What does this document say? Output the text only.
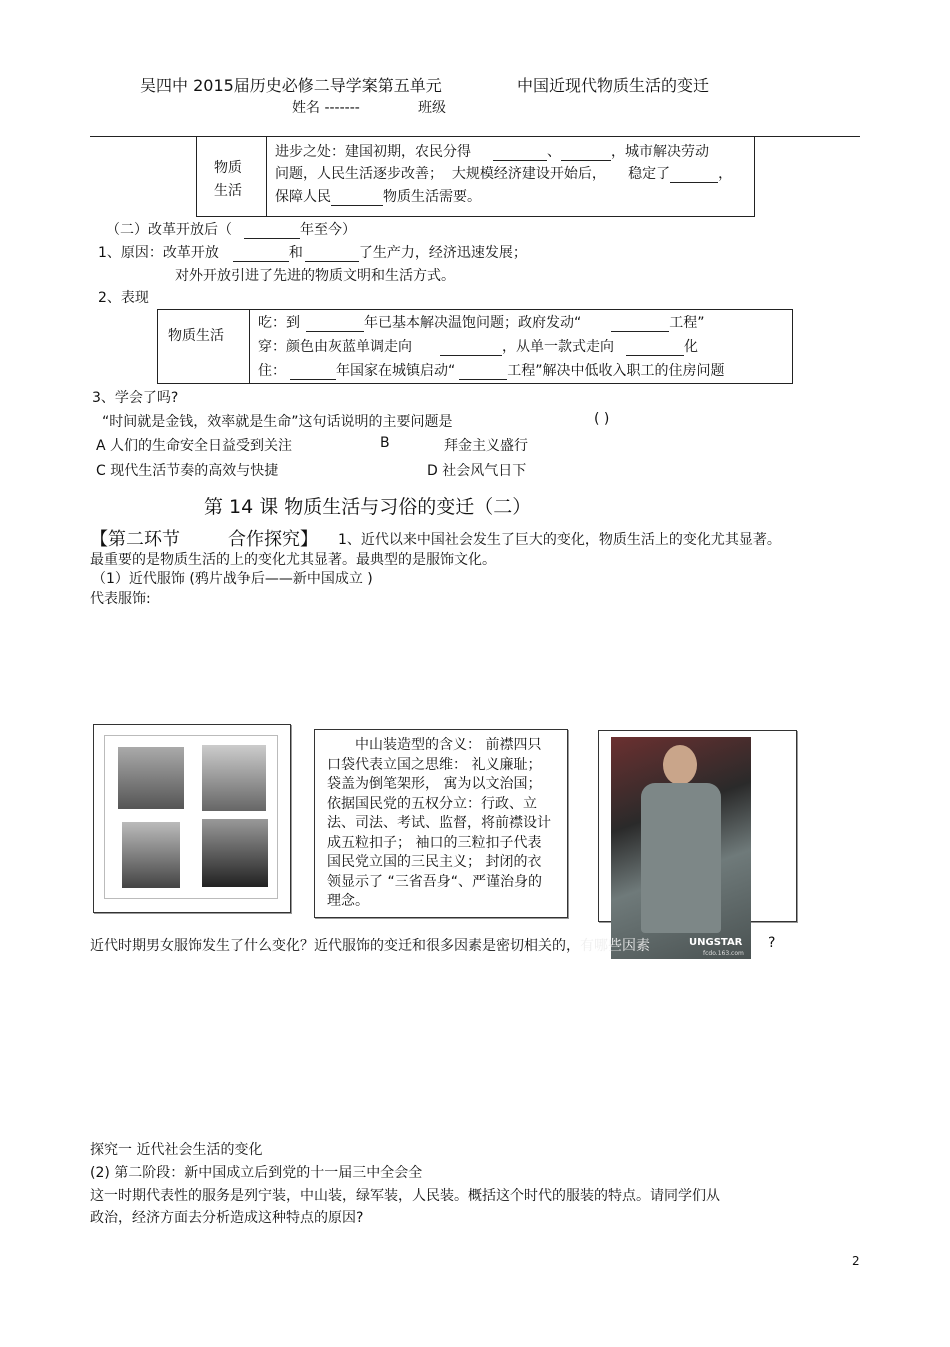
吴四中 2015届历史必修二导学案第五单元	中国近现代物质生活的变迁
姓名 -------	班级
物质
生活
进步之处：建国初期，农民分得	、	，城市解决劳动
问题，人民生活逐步改善； 大规模经济建设开始后， 稳定了	，
保障人民	物质生活需要。
（二）改革开放后（	年至今）
1、原因：改革开放	和	了生产力，经济迅速发展；
对外开放引进了先进的物质文明和生活方式。
2、表现
物质生活
吃：到	年已基本解决温饱问题；政府发动“	工程”
穿：颜色由灰蓝单调走向	，从单一款式走向	化
住：	年国家在城镇启动“	工程”解决中低收入职工的住房问题
3、学会了吗?
“时间就是金钱，效率就是生命”这句话说明的主要问题是	( )
A 人们的生命安全日益受到关注	B	拜金主义盛行
C 现代生活节奏的高效与快捷	D 社会风气日下
第 14 课 物质生活与习俗的变迁（二）
【第二环节	合作探究】 1、近代以来中国社会发生了巨大的变化，物质生活上的变化尤其显著。
最重要的是物质生活的上的变化尤其显著。最典型的是服饰文化。
（1）近代服饰 (鸦片战争后——新中国成立 )
代表服饰:
中山装造型的含义： 前襟四只口袋代表立国之思维： 礼义廉耻；袋盖为倒笔架形， 寓为以文治国；依据国民党的五权分立：行政、立法、司法、考试、监督，将前襟设计成五粒扣子； 袖口的三粒扣子代表国民党立国的三民主义； 封闭的衣领显示了 “三省吾身“、严谨治身的理念。
UNGSTAR
fcdo.163.com
近代时期男女服饰发生了什么变化？近代服饰的变迁和很多因素是密切相关的，有哪些因素	?
探究一 近代社会生活的变化
(2) 第二阶段：新中国成立后到党的十一届三中全会全
这一时期代表性的服务是列宁装，中山装，绿军装，人民装。概括这个时代的服装的特点。请同学们从
政治，经济方面去分析造成这种特点的原因?
2
